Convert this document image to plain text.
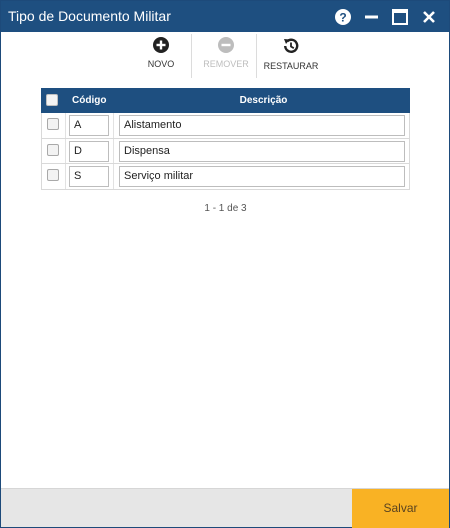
Tipo de Documento Militar	?
NOVO	REMOVER	RESTAURAR
Código	Descrição
A	Alistamento
D	Dispensa
S	Serviço militar
1 - 1 de 3
Salvar
